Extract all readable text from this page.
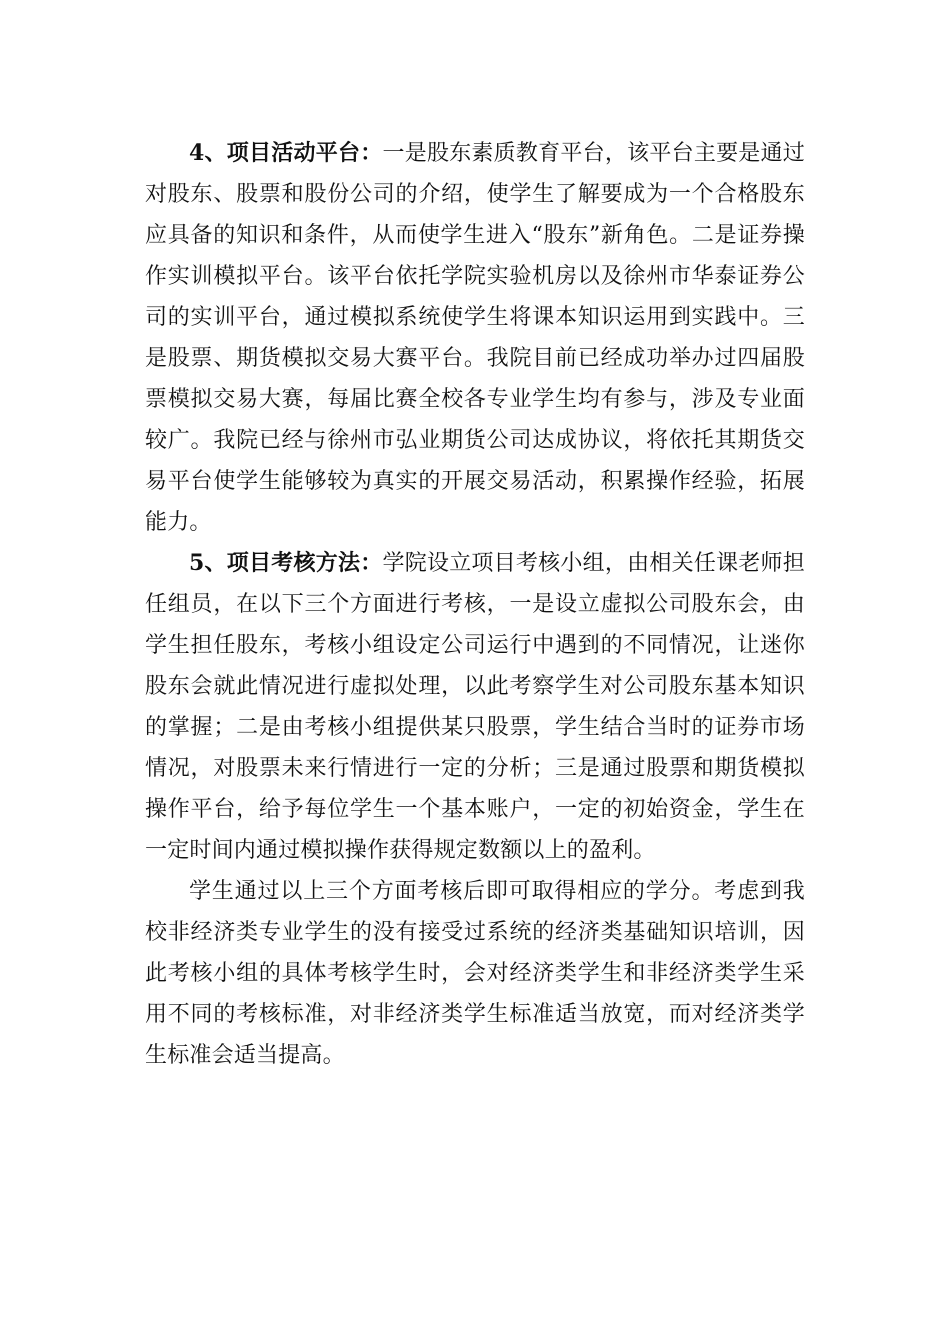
4、项目活动平台：一是股东素质教育平台，该平台主要是通过对股东、股票和股份公司的介绍，使学生了解要成为一个合格股东应具备的知识和条件，从而使学生进入“股东”新角色。二是证券操作实训模拟平台。该平台依托学院实验机房以及徐州市华泰证券公司的实训平台，通过模拟系统使学生将课本知识运用到实践中。三是股票、期货模拟交易大赛平台。我院目前已经成功举办过四届股票模拟交易大赛，每届比赛全校各专业学生均有参与，涉及专业面较广。我院已经与徐州市弘业期货公司达成协议，将依托其期货交易平台使学生能够较为真实的开展交易活动，积累操作经验，拓展能力。

5、项目考核方法：学院设立项目考核小组，由相关任课老师担任组员，在以下三个方面进行考核，一是设立虚拟公司股东会，由学生担任股东，考核小组设定公司运行中遇到的不同情况，让迷你股东会就此情况进行虚拟处理，以此考察学生对公司股东基本知识的掌握；二是由考核小组提供某只股票，学生结合当时的证券市场情况，对股票未来行情进行一定的分析；三是通过股票和期货模拟操作平台，给予每位学生一个基本账户，一定的初始资金，学生在一定时间内通过模拟操作获得规定数额以上的盈利。

学生通过以上三个方面考核后即可取得相应的学分。考虑到我校非经济类专业学生的没有接受过系统的经济类基础知识培训，因此考核小组的具体考核学生时，会对经济类学生和非经济类学生采用不同的考核标准，对非经济类学生标准适当放宽，而对经济类学生标准会适当提高。
